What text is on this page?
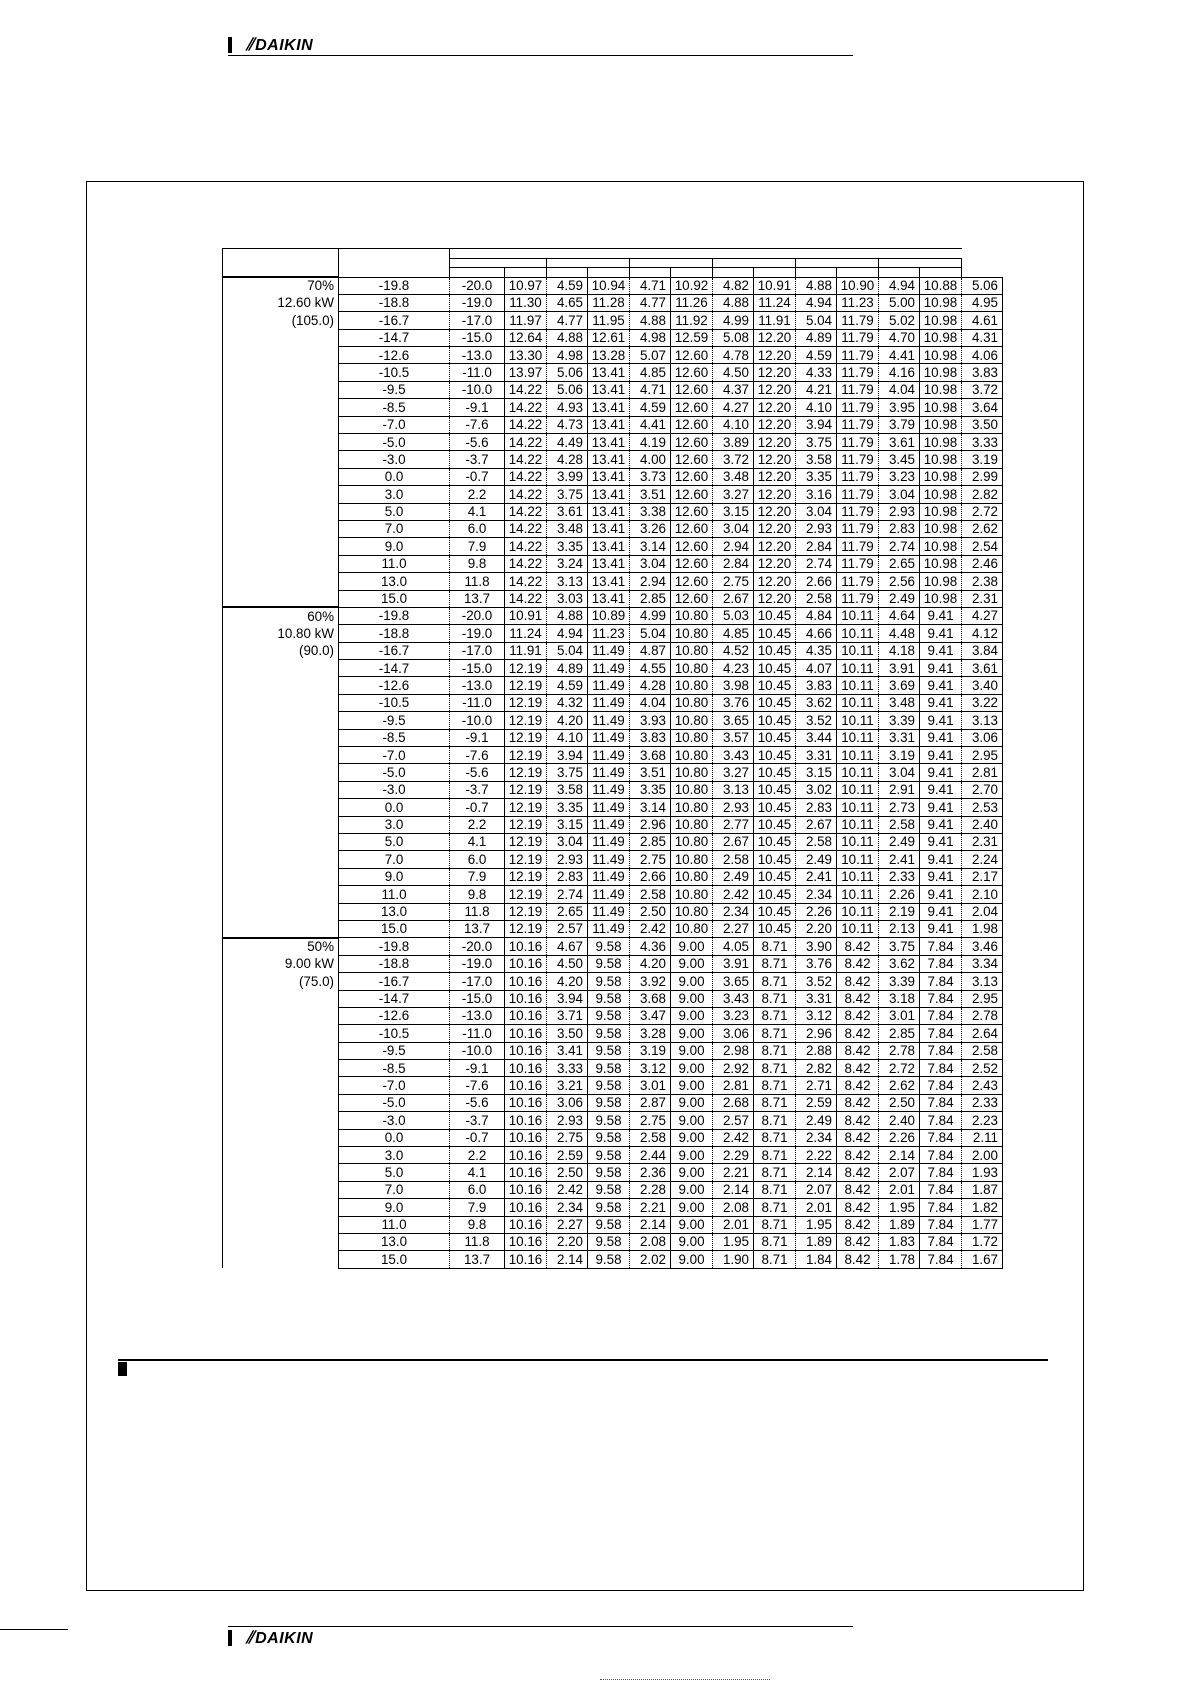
⫽DAIKIN

70%	-19.8	-20.0	10.97	4.59	10.94	4.71	10.92	4.82	10.91	4.88	10.90	4.94	10.88	5.06
12.60 kW	-18.8	-19.0	11.30	4.65	11.28	4.77	11.26	4.88	11.24	4.94	11.23	5.00	10.98	4.95
(105.0)	-16.7	-17.0	11.97	4.77	11.95	4.88	11.92	4.99	11.91	5.04	11.79	5.02	10.98	4.61
	-14.7	-15.0	12.64	4.88	12.61	4.98	12.59	5.08	12.20	4.89	11.79	4.70	10.98	4.31
	-12.6	-13.0	13.30	4.98	13.28	5.07	12.60	4.78	12.20	4.59	11.79	4.41	10.98	4.06
	-10.5	-11.0	13.97	5.06	13.41	4.85	12.60	4.50	12.20	4.33	11.79	4.16	10.98	3.83
	-9.5	-10.0	14.22	5.06	13.41	4.71	12.60	4.37	12.20	4.21	11.79	4.04	10.98	3.72
	-8.5	-9.1	14.22	4.93	13.41	4.59	12.60	4.27	12.20	4.10	11.79	3.95	10.98	3.64
	-7.0	-7.6	14.22	4.73	13.41	4.41	12.60	4.10	12.20	3.94	11.79	3.79	10.98	3.50
	-5.0	-5.6	14.22	4.49	13.41	4.19	12.60	3.89	12.20	3.75	11.79	3.61	10.98	3.33
	-3.0	-3.7	14.22	4.28	13.41	4.00	12.60	3.72	12.20	3.58	11.79	3.45	10.98	3.19
	0.0	-0.7	14.22	3.99	13.41	3.73	12.60	3.48	12.20	3.35	11.79	3.23	10.98	2.99
	3.0	2.2	14.22	3.75	13.41	3.51	12.60	3.27	12.20	3.16	11.79	3.04	10.98	2.82
	5.0	4.1	14.22	3.61	13.41	3.38	12.60	3.15	12.20	3.04	11.79	2.93	10.98	2.72
	7.0	6.0	14.22	3.48	13.41	3.26	12.60	3.04	12.20	2.93	11.79	2.83	10.98	2.62
	9.0	7.9	14.22	3.35	13.41	3.14	12.60	2.94	12.20	2.84	11.79	2.74	10.98	2.54
	11.0	9.8	14.22	3.24	13.41	3.04	12.60	2.84	12.20	2.74	11.79	2.65	10.98	2.46
	13.0	11.8	14.22	3.13	13.41	2.94	12.60	2.75	12.20	2.66	11.79	2.56	10.98	2.38
	15.0	13.7	14.22	3.03	13.41	2.85	12.60	2.67	12.20	2.58	11.79	2.49	10.98	2.31
60%	-19.8	-20.0	10.91	4.88	10.89	4.99	10.80	5.03	10.45	4.84	10.11	4.64	9.41	4.27
10.80 kW	-18.8	-19.0	11.24	4.94	11.23	5.04	10.80	4.85	10.45	4.66	10.11	4.48	9.41	4.12
(90.0)	-16.7	-17.0	11.91	5.04	11.49	4.87	10.80	4.52	10.45	4.35	10.11	4.18	9.41	3.84
	-14.7	-15.0	12.19	4.89	11.49	4.55	10.80	4.23	10.45	4.07	10.11	3.91	9.41	3.61
	-12.6	-13.0	12.19	4.59	11.49	4.28	10.80	3.98	10.45	3.83	10.11	3.69	9.41	3.40
	-10.5	-11.0	12.19	4.32	11.49	4.04	10.80	3.76	10.45	3.62	10.11	3.48	9.41	3.22
	-9.5	-10.0	12.19	4.20	11.49	3.93	10.80	3.65	10.45	3.52	10.11	3.39	9.41	3.13
	-8.5	-9.1	12.19	4.10	11.49	3.83	10.80	3.57	10.45	3.44	10.11	3.31	9.41	3.06
	-7.0	-7.6	12.19	3.94	11.49	3.68	10.80	3.43	10.45	3.31	10.11	3.19	9.41	2.95
	-5.0	-5.6	12.19	3.75	11.49	3.51	10.80	3.27	10.45	3.15	10.11	3.04	9.41	2.81
	-3.0	-3.7	12.19	3.58	11.49	3.35	10.80	3.13	10.45	3.02	10.11	2.91	9.41	2.70
	0.0	-0.7	12.19	3.35	11.49	3.14	10.80	2.93	10.45	2.83	10.11	2.73	9.41	2.53
	3.0	2.2	12.19	3.15	11.49	2.96	10.80	2.77	10.45	2.67	10.11	2.58	9.41	2.40
	5.0	4.1	12.19	3.04	11.49	2.85	10.80	2.67	10.45	2.58	10.11	2.49	9.41	2.31
	7.0	6.0	12.19	2.93	11.49	2.75	10.80	2.58	10.45	2.49	10.11	2.41	9.41	2.24
	9.0	7.9	12.19	2.83	11.49	2.66	10.80	2.49	10.45	2.41	10.11	2.33	9.41	2.17
	11.0	9.8	12.19	2.74	11.49	2.58	10.80	2.42	10.45	2.34	10.11	2.26	9.41	2.10
	13.0	11.8	12.19	2.65	11.49	2.50	10.80	2.34	10.45	2.26	10.11	2.19	9.41	2.04
	15.0	13.7	12.19	2.57	11.49	2.42	10.80	2.27	10.45	2.20	10.11	2.13	9.41	1.98
50%	-19.8	-20.0	10.16	4.67	9.58	4.36	9.00	4.05	8.71	3.90	8.42	3.75	7.84	3.46
9.00 kW	-18.8	-19.0	10.16	4.50	9.58	4.20	9.00	3.91	8.71	3.76	8.42	3.62	7.84	3.34
(75.0)	-16.7	-17.0	10.16	4.20	9.58	3.92	9.00	3.65	8.71	3.52	8.42	3.39	7.84	3.13
	-14.7	-15.0	10.16	3.94	9.58	3.68	9.00	3.43	8.71	3.31	8.42	3.18	7.84	2.95
	-12.6	-13.0	10.16	3.71	9.58	3.47	9.00	3.23	8.71	3.12	8.42	3.01	7.84	2.78
	-10.5	-11.0	10.16	3.50	9.58	3.28	9.00	3.06	8.71	2.96	8.42	2.85	7.84	2.64
	-9.5	-10.0	10.16	3.41	9.58	3.19	9.00	2.98	8.71	2.88	8.42	2.78	7.84	2.58
	-8.5	-9.1	10.16	3.33	9.58	3.12	9.00	2.92	8.71	2.82	8.42	2.72	7.84	2.52
	-7.0	-7.6	10.16	3.21	9.58	3.01	9.00	2.81	8.71	2.71	8.42	2.62	7.84	2.43
	-5.0	-5.6	10.16	3.06	9.58	2.87	9.00	2.68	8.71	2.59	8.42	2.50	7.84	2.33
	-3.0	-3.7	10.16	2.93	9.58	2.75	9.00	2.57	8.71	2.49	8.42	2.40	7.84	2.23
	0.0	-0.7	10.16	2.75	9.58	2.58	9.00	2.42	8.71	2.34	8.42	2.26	7.84	2.11
	3.0	2.2	10.16	2.59	9.58	2.44	9.00	2.29	8.71	2.22	8.42	2.14	7.84	2.00
	5.0	4.1	10.16	2.50	9.58	2.36	9.00	2.21	8.71	2.14	8.42	2.07	7.84	1.93
	7.0	6.0	10.16	2.42	9.58	2.28	9.00	2.14	8.71	2.07	8.42	2.01	7.84	1.87
	9.0	7.9	10.16	2.34	9.58	2.21	9.00	2.08	8.71	2.01	8.42	1.95	7.84	1.82
	11.0	9.8	10.16	2.27	9.58	2.14	9.00	2.01	8.71	1.95	8.42	1.89	7.84	1.77
	13.0	11.8	10.16	2.20	9.58	2.08	9.00	1.95	8.71	1.89	8.42	1.83	7.84	1.72
	15.0	13.7	10.16	2.14	9.58	2.02	9.00	1.90	8.71	1.84	8.42	1.78	7.84	1.67
⫽DAIKIN
